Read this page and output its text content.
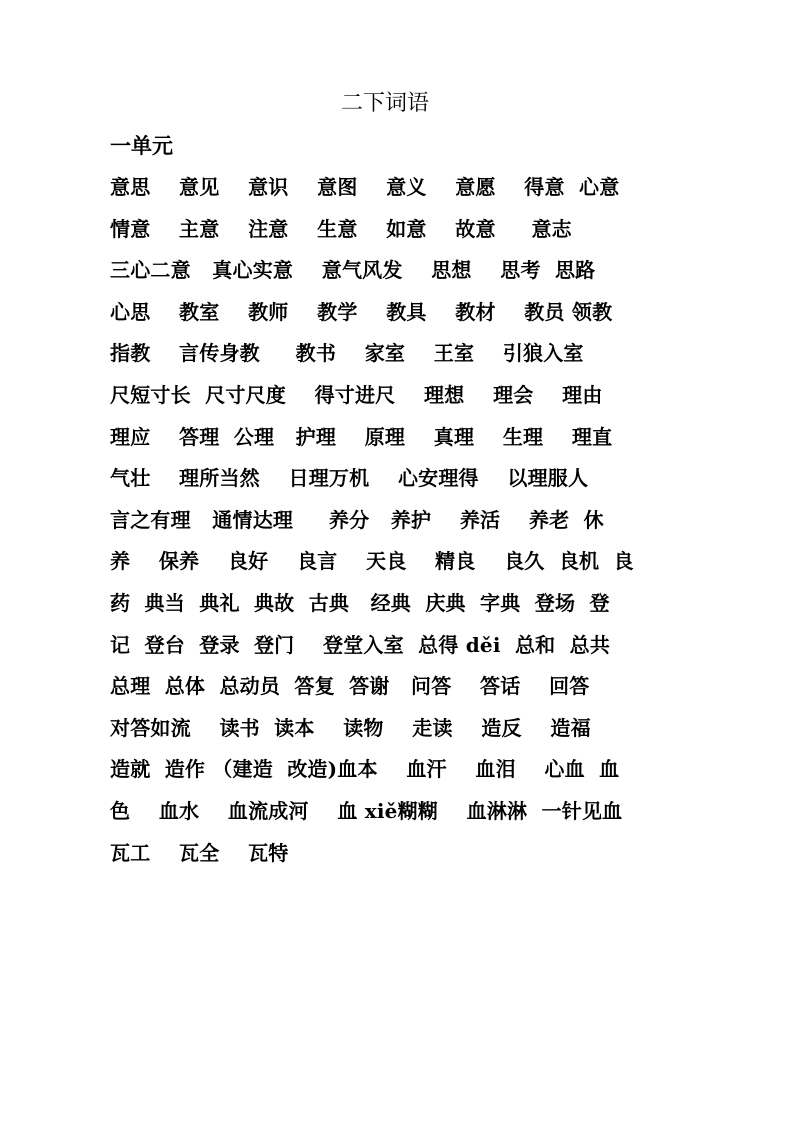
二下词语
一单元
意思    意见    意识    意图    意义    意愿    得意  心意
情意    主意    注意    生意    如意    故意     意志
三心二意   真心实意    意气风发    思想    思考  思路
心思    教室    教师    教学    教具    教材    教员 领教
指教    言传身教     教书    家室    王室    引狼入室
尺短寸长  尺寸尺度    得寸进尺    理想    理会    理由
理应    答理  公理   护理    原理    真理    生理    理直
气壮    理所当然    日理万机    心安理得    以理服人
言之有理   通情达理     养分   养护    养活    养老  休
养    保养    良好    良言    天良    精良    良久  良机  良
药  典当  典礼  典故  古典   经典  庆典  字典  登场  登
记  登台  登录  登门    登堂入室  总得 děi  总和  总共
总理  总体  总动员  答复  答谢   问答    答话    回答
对答如流    读书  读本    读物    走读    造反    造福
造就  造作 （建造  改造)血本    血汗    血泪    心血  血
色    血水    血流成河    血 xiě糊糊    血淋淋  一针见血
瓦工    瓦全    瓦特
